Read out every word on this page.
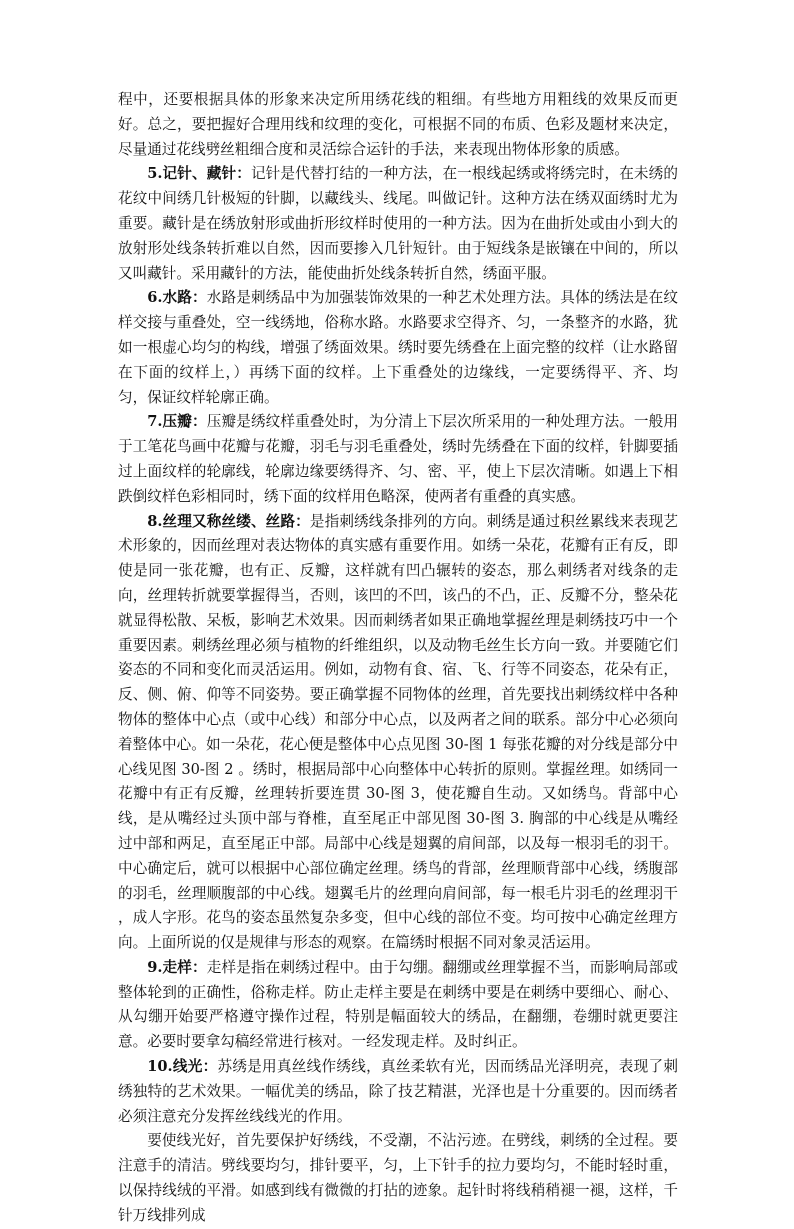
程中，还要根据具体的形象来决定所用绣花线的粗细。有些地方用粗线的效果反而更好。总之，要把握好合理用线和纹理的变化，可根据不同的布质、色彩及题材来决定，尽量通过花线劈丝粗细合度和灵活综合运针的手法，来表现出物体形象的质感。

5.记针、藏针：记针是代替打结的一种方法，在一根线起绣或将绣完时，在未绣的花纹中间绣几针极短的针脚，以藏线头、线尾。叫做记针。这种方法在绣双面绣时尤为重要。藏针是在绣放射形或曲折形纹样时使用的一种方法。因为在曲折处或由小到大的放射形处线条转折难以自然，因而要掺入几针短针。由于短线条是嵌镶在中间的，所以又叫藏针。采用藏针的方法，能使曲折处线条转折自然，绣面平服。

6.水路：水路是刺绣品中为加强装饰效果的一种艺术处理方法。具体的绣法是在纹样交接与重叠处，空一线绣地，俗称水路。水路要求空得齐、匀，一条整齐的水路，犹如一根虚心均匀的构线，增强了绣面效果。绣时要先绣叠在上面完整的纹样（让水路留在下面的纹样上，）再绣下面的纹样。上下重叠处的边缘线，一定要绣得平、齐、均匀，保证纹样轮廓正确。

7.压瓣：压瓣是绣纹样重叠处时，为分清上下层次所采用的一种处理方法。一般用于工笔花鸟画中花瓣与花瓣，羽毛与羽毛重叠处，绣时先绣叠在下面的纹样，针脚要插过上面纹样的轮廓线，轮廓边缘要绣得齐、匀、密、平，使上下层次清晰。如遇上下相跌倒纹样色彩相同时，绣下面的纹样用色略深，使两者有重叠的真实感。

8.丝理又称丝缕、丝路：是指刺绣线条排列的方向。刺绣是通过积丝累线来表现艺术形象的，因而丝理对表达物体的真实感有重要作用。如绣一朵花，花瓣有正有反，即使是同一张花瓣，也有正、反瓣，这样就有凹凸辗转的姿态，那么刺绣者对线条的走向，丝理转折就要掌握得当，否则，该凹的不凹，该凸的不凸，正、反瓣不分，整朵花就显得松散、呆板，影响艺术效果。因而刺绣者如果正确地掌握丝理是刺绣技巧中一个重要因素。刺绣丝理必须与植物的纤维组织，以及动物毛丝生长方向一致。并要随它们姿态的不同和变化而灵活运用。例如，动物有食、宿、飞、行等不同姿态，花朵有正，反、侧、俯、仰等不同姿势。要正确掌握不同物体的丝理，首先要找出刺绣纹样中各种物体的整体中心点（或中心线）和部分中心点，以及两者之间的联系。部分中心必须向着整体中心。如一朵花，花心便是整体中心点见图 30-图 1 每张花瓣的对分线是部分中心线见图 30-图 2 。绣时，根据局部中心向整体中心转折的原则。掌握丝理。如绣同一花瓣中有正有反瓣，丝理转折要连贯 30-图 3，使花瓣自生动。又如绣鸟。背部中心线，是从嘴经过头顶中部与脊椎，直至尾正中部见图 30-图 3. 胸部的中心线是从嘴经过中部和两足，直至尾正中部。局部中心线是翅翼的肩间部，以及每一根羽毛的羽干。中心确定后，就可以根据中心部位确定丝理。绣鸟的背部，丝理顺背部中心线，绣腹部的羽毛，丝理顺腹部的中心线。翅翼毛片的丝理向肩间部，每一根毛片羽毛的丝理羽干 ，成人字形。花鸟的姿态虽然复杂多变，但中心线的部位不变。均可按中心确定丝理方向。上面所说的仅是规律与形态的观察。在篇绣时根据不同对象灵活运用。

9.走样：走样是指在刺绣过程中。由于勾绷。翻绷或丝理掌握不当，而影响局部或整体轮到的正确性，俗称走样。防止走样主要是在刺绣中要是在刺绣中要细心、耐心、从勾绷开始要严格遵守操作过程，特别是幅面较大的绣品，在翻绷，卷绷时就更要注意。必要时要拿勾稿经常进行核对。一经发现走样。及时纠正。

10.线光：苏绣是用真丝线作绣线，真丝柔软有光，因而绣品光泽明亮，表现了刺绣独特的艺术效果。一幅优美的绣品，除了技艺精湛，光泽也是十分重要的。因而绣者必须注意充分发挥丝线线光的作用。

要使线光好，首先要保护好绣线，不受潮，不沾污迹。在劈线，刺绣的全过程。要注意手的清洁。劈线要均匀，排针要平，匀，上下针手的拉力要均匀，不能时轻时重，以保持线绒的平滑。如感到线有微微的打拈的迹象。起针时将线稍稍褪一褪，这样，千针万线排列成
